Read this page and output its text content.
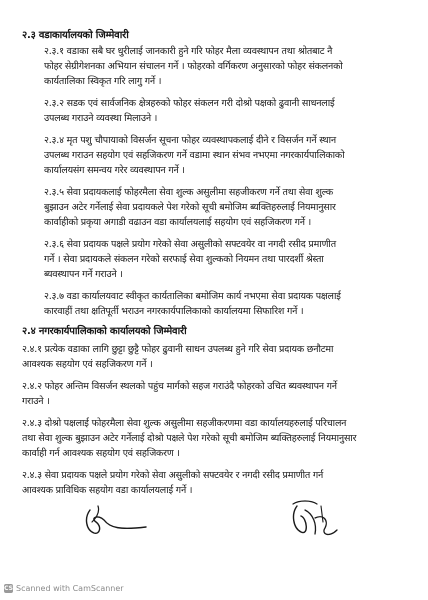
२.३ वडाकार्यालयको जिम्मेवारी
२.३.१ वडाका सबै घर धुरीलाई जानकारी हुने गरि फोहर मैला व्यवस्थापन तथा श्रोतबाट नै
फोहर सेग्रीगेशनका अभियान संचालन गर्ने । फोहरको वर्गिकरण अनुसारको फोहर संकलनको
कार्यतालिका स्विकृत गरि लागु गर्ने ।
२.३.२ सडक एवं सार्वजनिक क्षेत्रहरुको फोहर संकलन गरी दोश्रो पक्षको ढुवानी साधनलाई
उपलब्ध गराउने व्यवस्था मिलाउने ।
२.३.४ मृत पशु चौपायाको विसर्जन सूचना फोहर व्यवस्थापकलाई दीने र विसर्जन गर्ने स्थान
उपलब्ध गराउन सहयोग एवं सहजिकरण गर्ने वडामा स्थान संभव नभएमा नगरकार्यपालिकाको
कार्यालयसंग समन्वय गरेर व्यवस्थापन गर्ने ।
२.३.५ सेवा प्रदायकलाई फोहरमैला सेवा शुल्क असुलीमा सहजीकरण गर्ने तथा सेवा शुल्क
बुझाउन अटेर गर्नेलाई सेवा प्रदायकले पेश गरेको सूची बमोजिम ब्यक्तिहरुलाई नियमानुसार
कार्वाहीको प्रकृया अगाडी वढाउन वडा कार्यालयलाई सहयोग एवं सहजिकरण गर्ने ।
२.३.६ सेवा प्रदायक पक्षले प्रयोग गरेको सेवा असुलीको सफ्टवयेर वा नगदी रसीद प्रमाणीत
गर्ने । सेवा प्रदायकले संकलन गरेको सरफाई सेवा शुल्कको नियमन तथा पारदर्शी श्रेस्ता
ब्यवस्थापन गर्ने गराउने ।
२.३.७ वडा कार्यालयवाट स्वीकृत कार्यतालिका बमोजिम कार्य नभएमा सेवा प्रदायक पक्षलाई
कारवाहीं तथा क्षतिपूर्ती भराउन नगरकार्यपालिकाको कार्यालयमा सिफारिश गर्ने ।
२.४ नगरकार्यपालिकाको कार्यालयको जिम्मेवारी
२.४.१ प्रत्येक वडाका लागि छुट्टा छुट्टै फोहर ढुवानी साधन उपलब्ध हुने गरि सेवा प्रदायक छनौटमा
आवश्यक सहयोग एवं सहजिकरण गर्ने ।
२.४.२ फोहर अन्तिम विसर्जन स्थलको पहुंच मार्गको सहज गराउंदै फोहरको उचित ब्यवस्थापन गर्ने
गराउने ।
२.४.३ दोश्रो पक्षलाई फोहरमैला सेवा शुल्क असुलीमा सहजीकरणमा वडा कार्यालयहरुलाई परिचालन
तथा सेवा शुल्क बुझाउन अटेर गर्नेलाई दोश्रो पक्षले पेश गरेको सूची बमोजिम ब्यक्तिहरुलाई नियमानुसार
कार्वाही गर्न आवश्यक सहयोग एवं सहजिकरण ।
२.४.३ सेवा प्रदायक पक्षले प्रयोग गरेको सेवा असुलीको सफ्टवयेर र नगदी रसीद प्रमाणीत गर्न
आवश्यक प्राविधिक सहयोग वडा कार्यालयलाई गर्ने ।
CS Scanned with CamScanner
